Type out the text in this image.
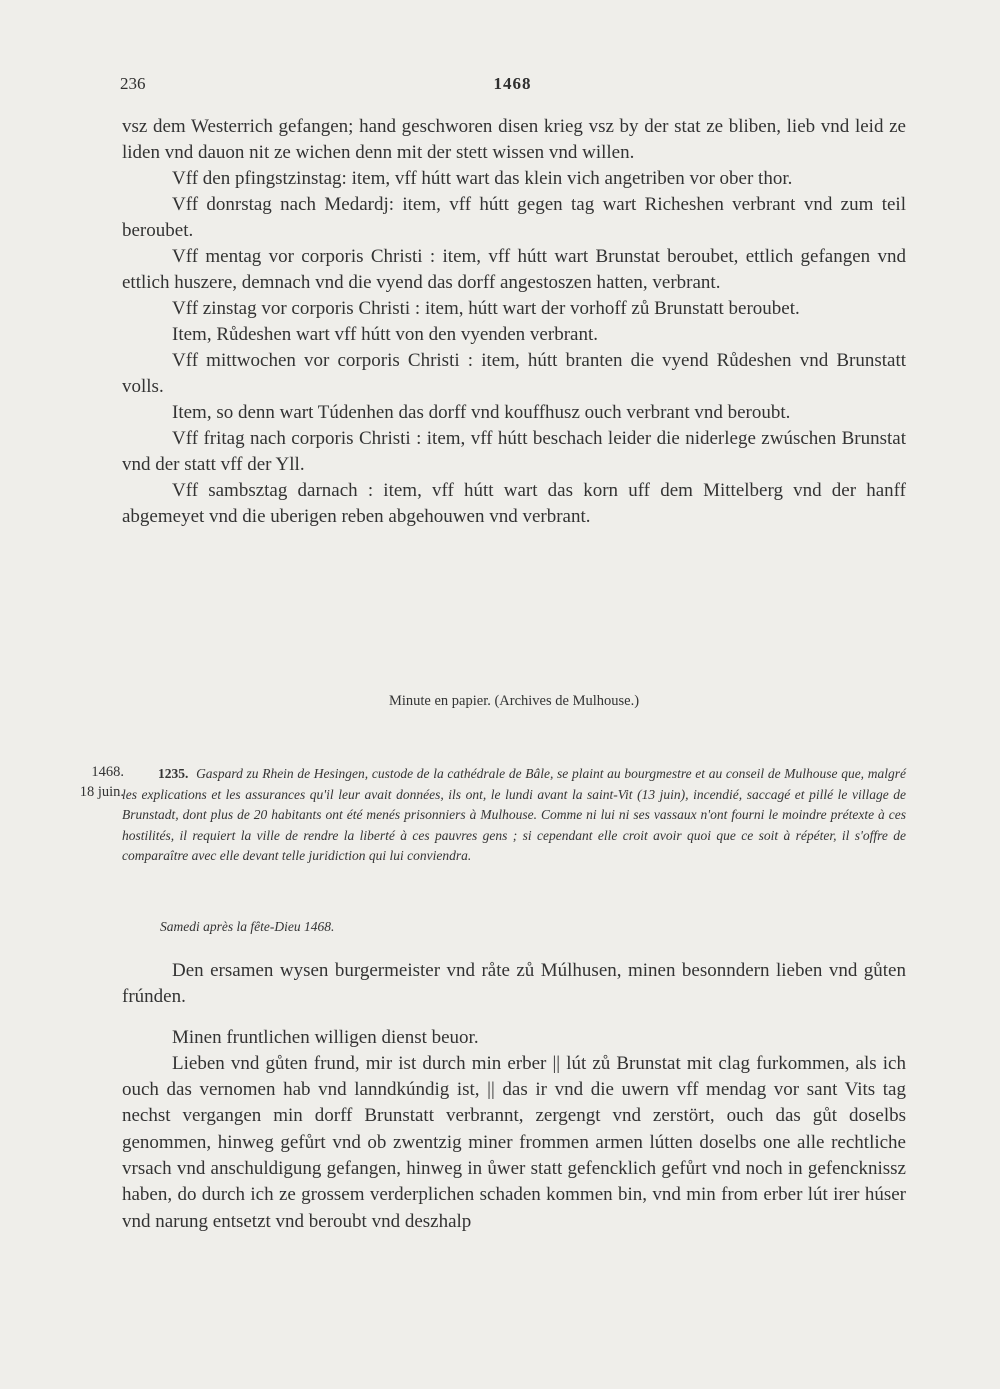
236	1468

vsz dem Westerrich gefangen; hand geschworen disen krieg vsz by der stat ze bliben, lieb vnd leid ze liden vnd dauon nit ze wichen denn mit der stett wissen vnd willen.

Vff den pfingstzinstag: item, vff hútt wart das klein vich angetriben vor ober thor.

Vff donrstag nach Medardj: item, vff hútt gegen tag wart Richeshen verbrant vnd zum teil beroubet.

Vff mentag vor corporis Christi : item, vff hútt wart Brunstat beroubet, ettlich gefangen vnd ettlich huszere, demnach vnd die vyend das dorff angestoszen hatten, verbrant.

Vff zinstag vor corporis Christi : item, hútt wart der vorhoff zů Brunstatt beroubet.

Item, Růdeshen wart vff hútt von den vyenden verbrant.

Vff mittwochen vor corporis Christi : item, hútt branten die vyend Růdeshen vnd Brunstatt volls.

Item, so denn wart Túdenhen das dorff vnd kouffhusz ouch verbrant vnd beroubt.

Vff fritag nach corporis Christi : item, vff hútt beschach leider die niderlege zwúschen Brunstat vnd der statt vff der Yll.

Vff sambsztag darnach : item, vff hútt wart das korn uff dem Mittelberg vnd der hanff abgemeyet vnd die uberigen reben abgehouwen vnd verbrant.

Minute en papier. (Archives de Mulhouse.)
1468.
18 juin.
1235. Gaspard zu Rhein de Hesingen, custode de la cathédrale de Bâle, se plaint au bourgmestre et au conseil de Mulhouse que, malgré les explications et les assurances qu'il leur avait données, ils ont, le lundi avant la saint-Vit (13 juin), incendié, saccagé et pillé le village de Brunstadt, dont plus de 20 habitants ont été menés prisonniers à Mulhouse. Comme ni lui ni ses vassaux n'ont fourni le moindre prétexte à ces hostilités, il requiert la ville de rendre la liberté à ces pauvres gens ; si cependant elle croit avoir quoi que ce soit à répéter, il s'offre de comparaître avec elle devant telle juridiction qui lui conviendra.
Samedi après la fête-Dieu 1468.

Den ersamen wysen burgermeister vnd råte zů Múlhusen, minen besonndern lieben vnd gůten frúnden.

Minen fruntlichen willigen dienst beuor.

Lieben vnd gůten frund, mir ist durch min erber || lút zů Brunstat mit clag furkommen, als ich ouch das vernomen hab vnd lanndkúndig ist, || das ir vnd die uwern vff mendag vor sant Vits tag nechst vergangen min dorff Brunstatt verbrannt, zergengt vnd zerstört, ouch das gůt doselbs genommen, hinweg gefůrt vnd ob zwentzig miner frommen armen lútten doselbs one alle rechtliche vrsach vnd anschuldigung gefangen, hinweg in ůwer statt gefencklich gefůrt vnd noch in gefencknissz haben, do durch ich ze grossem verderplichen schaden kommen bin, vnd min from erber lút irer húser vnd narung entsetzt vnd beroubt vnd deszhalp
